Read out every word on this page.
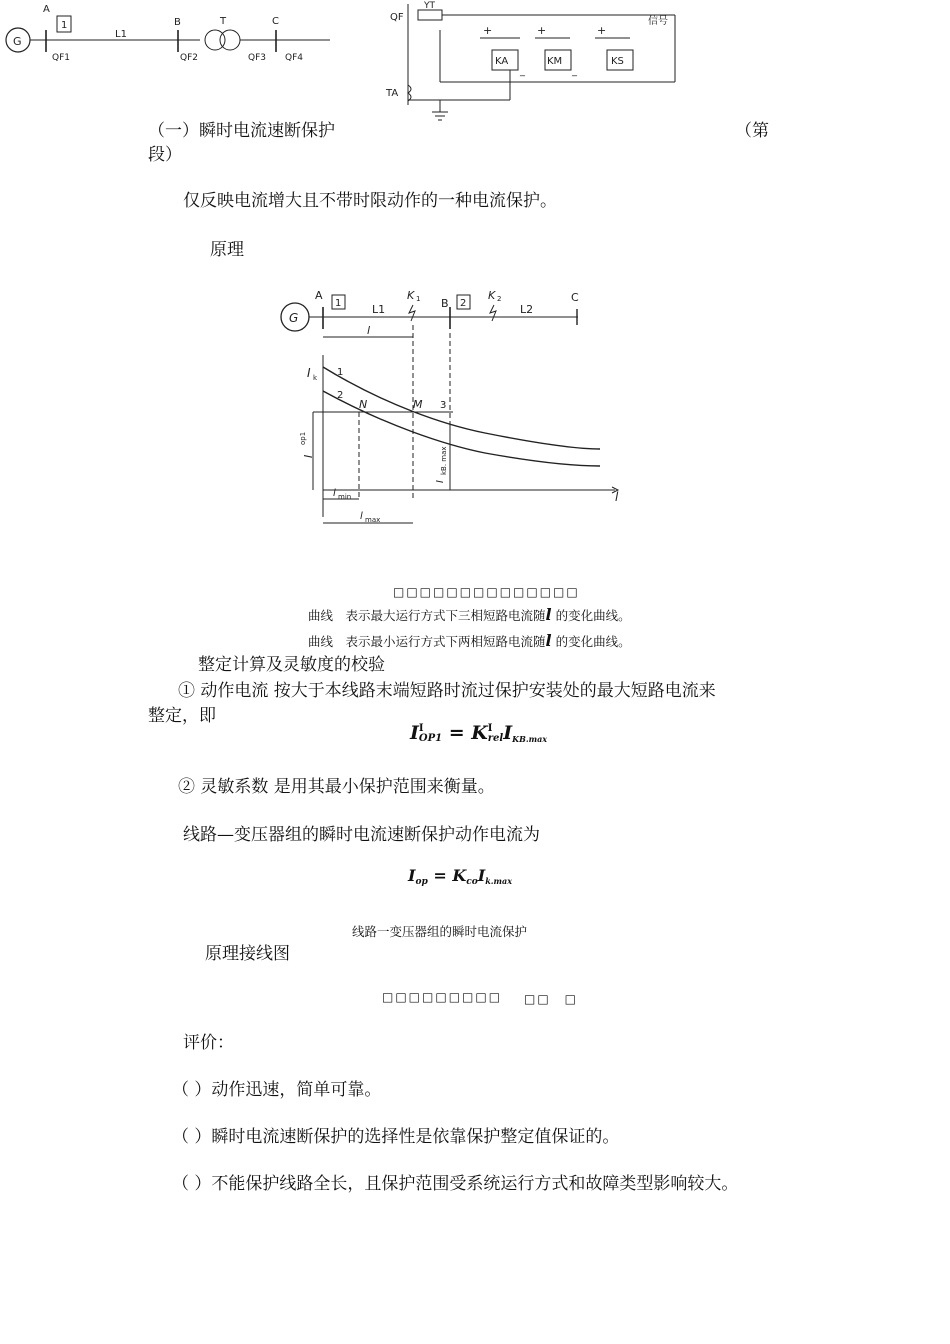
G
A
1
QF1
L1
B
QF2
T	C
QF3 QF4
QF
YT
+	+	+
KA	KM	KS
信号
_	_
TA
（一）瞬时电流速断保护	（第
段）
仅反映电流增大且不带时限动作的一种电流保护。
原理
G
A
1	L1
K 1 B 2
K 2
L2
C
l
l
I k 1
2
N	M 3
I
op1
I
kB. max
l min
l max
□□□□□□□□□□□□□□
曲线　表示最大运行方式下三相短路电流随l 的变化曲线。
曲线　表示最小运行方式下两相短路电流随l 的变化曲线。
整定计算及灵敏度的校验
① 动作电流 按大于本线路末端短路时流过保护安装处的最大短路电流来
整定，即
I I
OP1 = K I
rel IKB.max
② 灵敏系数 是用其最小保护范围来衡量。
线路—变压器组的瞬时电流速断保护动作电流为
Iop = KcoIk.max
线路一变压器组的瞬时电流保护
原理接线图
□□□□□□□□□ □□　□
评价：
（ ）动作迅速，简单可靠。
（ ）瞬时电流速断保护的选择性是依靠保护整定值保证的。
（ ）不能保护线路全长，且保护范围受系统运行方式和故障类型影响较大。
